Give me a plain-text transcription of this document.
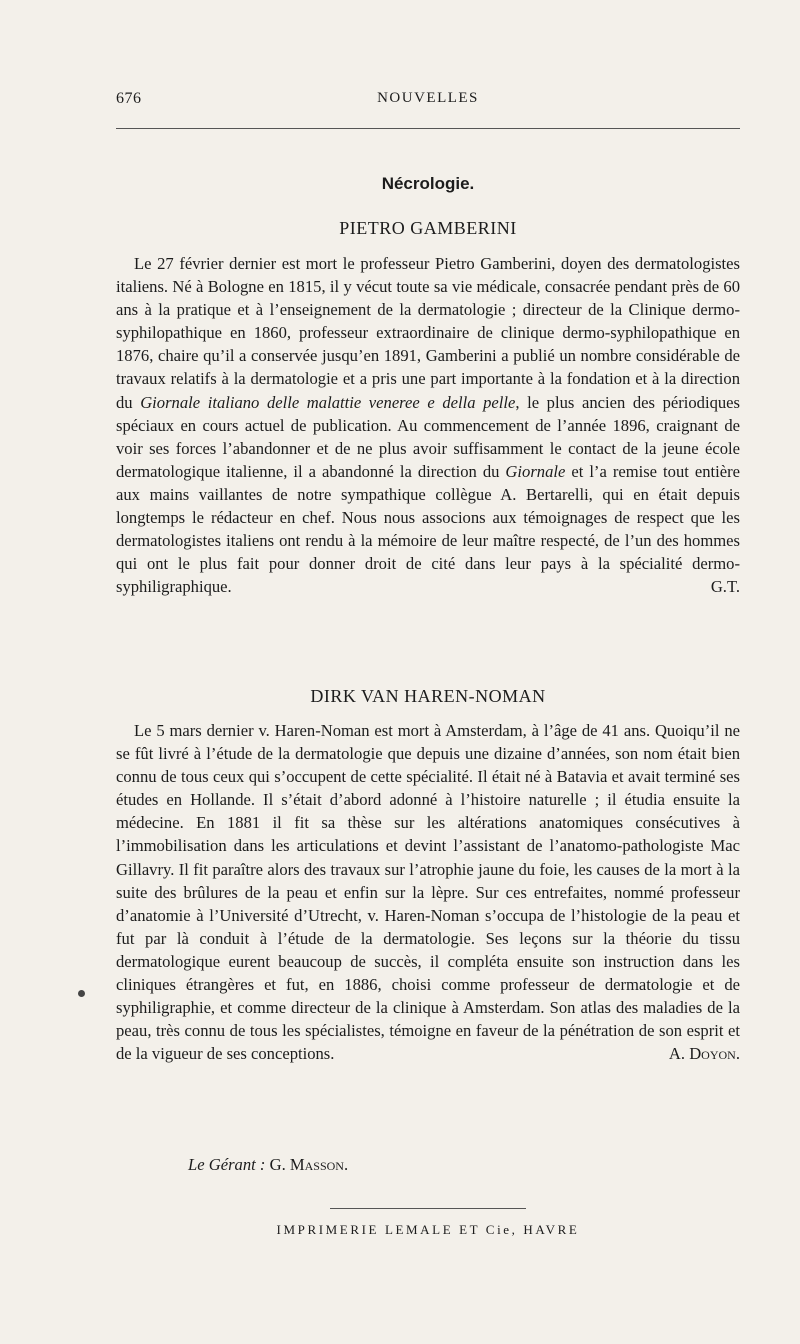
676	NOUVELLES
Nécrologie.
PIETRO GAMBERINI

Le 27 février dernier est mort le professeur Pietro Gamberini, doyen des dermatologistes italiens. Né à Bologne en 1815, il y vécut toute sa vie médicale, consacrée pendant près de 60 ans à la pratique et à l’enseignement de la dermatologie ; directeur de la Clinique dermo-syphilopathique en 1860, professeur extraordinaire de clinique dermo-syphilopathique en 1876, chaire qu’il a conservée jusqu’en 1891, Gamberini a publié un nombre considérable de travaux relatifs à la dermatologie et a pris une part importante à la fondation et à la direction du Giornale italiano delle malattie veneree e della pelle, le plus ancien des périodiques spéciaux en cours actuel de publication. Au commencement de l’année 1896, craignant de voir ses forces l’abandonner et de ne plus avoir suffisamment le contact de la jeune école dermatologique italienne, il a abandonné la direction du Giornale et l’a remise tout entière aux mains vaillantes de notre sympathique collègue A. Bertarelli, qui en était depuis longtemps le rédacteur en chef. Nous nous associons aux témoignages de respect que les dermatologistes italiens ont rendu à la mémoire de leur maître respecté, de l’un des hommes qui ont le plus fait pour donner droit de cité dans leur pays à la spécialité dermo-syphiligraphique.	G.T.

DIRK VAN HAREN-NOMAN

Le 5 mars dernier v. Haren-Noman est mort à Amsterdam, à l’âge de 41 ans. Quoiqu’il ne se fût livré à l’étude de la dermatologie que depuis une dizaine d’années, son nom était bien connu de tous ceux qui s’occupent de cette spécialité. Il était né à Batavia et avait terminé ses études en Hollande. Il s’était d’abord adonné à l’histoire naturelle ; il étudia ensuite la médecine. En 1881 il fit sa thèse sur les altérations anatomiques consécutives à l’immobilisation dans les articulations et devint l’assistant de l’anatomo-pathologiste Mac Gillavry. Il fit paraître alors des travaux sur l’atrophie jaune du foie, les causes de la mort à la suite des brûlures de la peau et enfin sur la lèpre. Sur ces entrefaites, nommé professeur d’anatomie à l’Université d’Utrecht, v. Haren-Noman s’occupa de l’histologie de la peau et fut par là conduit à l’étude de la dermatologie. Ses leçons sur la théorie du tissu dermatologique eurent beaucoup de succès, il compléta ensuite son instruction dans les cliniques étrangères et fut, en 1886, choisi comme professeur de dermatologie et de syphiligraphie, et comme directeur de la clinique à Amsterdam. Son atlas des maladies de la peau, très connu de tous les spécialistes, témoigne en faveur de la pénétration de son esprit et de la vigueur de ses conceptions.	A. Doyon.

Le Gérant : G. Masson.
IMPRIMERIE LEMALE ET Cie, HAVRE
